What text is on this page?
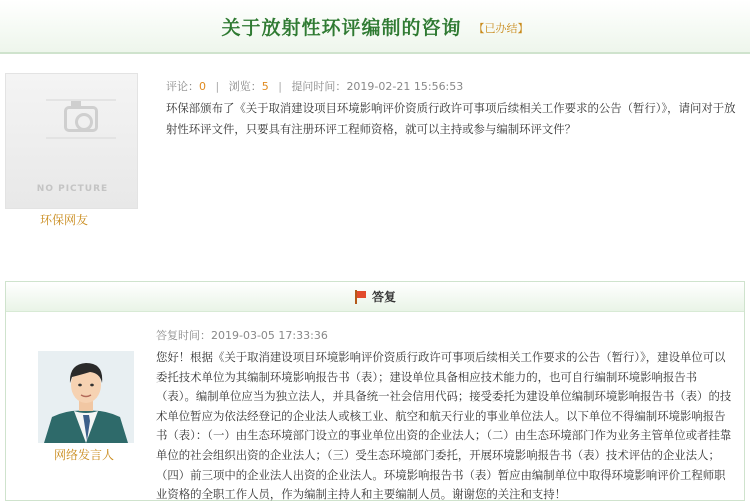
关于放射性环评编制的咨询 【已办结】
NO PICTURE
环保网友
评论：0 | 浏览：5 | 提问时间：2019-02-21 15:56:53
环保部颁布了《关于取消建设项目环境影响评价资质行政许可事项后续相关工作要求的公告（暂行）》，请问对于放射性环评文件，只要具有注册环评工程师资格，就可以主持或参与编制环评文件？
答复
网络发言人
答复时间：2019-03-05 17:33:36
您好！根据《关于取消建设项目环境影响评价资质行政许可事项后续相关工作要求的公告（暂行）》，建设单位可以委托技术单位为其编制环境影响报告书（表）；建设单位具备相应技术能力的，也可自行编制环境影响报告书（表）。编制单位应当为独立法人，并具备统一社会信用代码；接受委托为建设单位编制环境影响报告书（表）的技术单位暂应为依法经登记的企业法人或核工业、航空和航天行业的事业单位法人。以下单位不得编制环境影响报告书（表）：（一）由生态环境部门设立的事业单位出资的企业法人；（二）由生态环境部门作为业务主管单位或者挂靠单位的社会组织出资的企业法人；（三）受生态环境部门委托，开展环境影响报告书（表）技术评估的企业法人；（四）前三项中的企业法人出资的企业法人。环境影响报告书（表）暂应由编制单位中取得环境影响评价工程师职业资格的全职工作人员，作为编制主持人和主要编制人员。谢谢您的关注和支持！
